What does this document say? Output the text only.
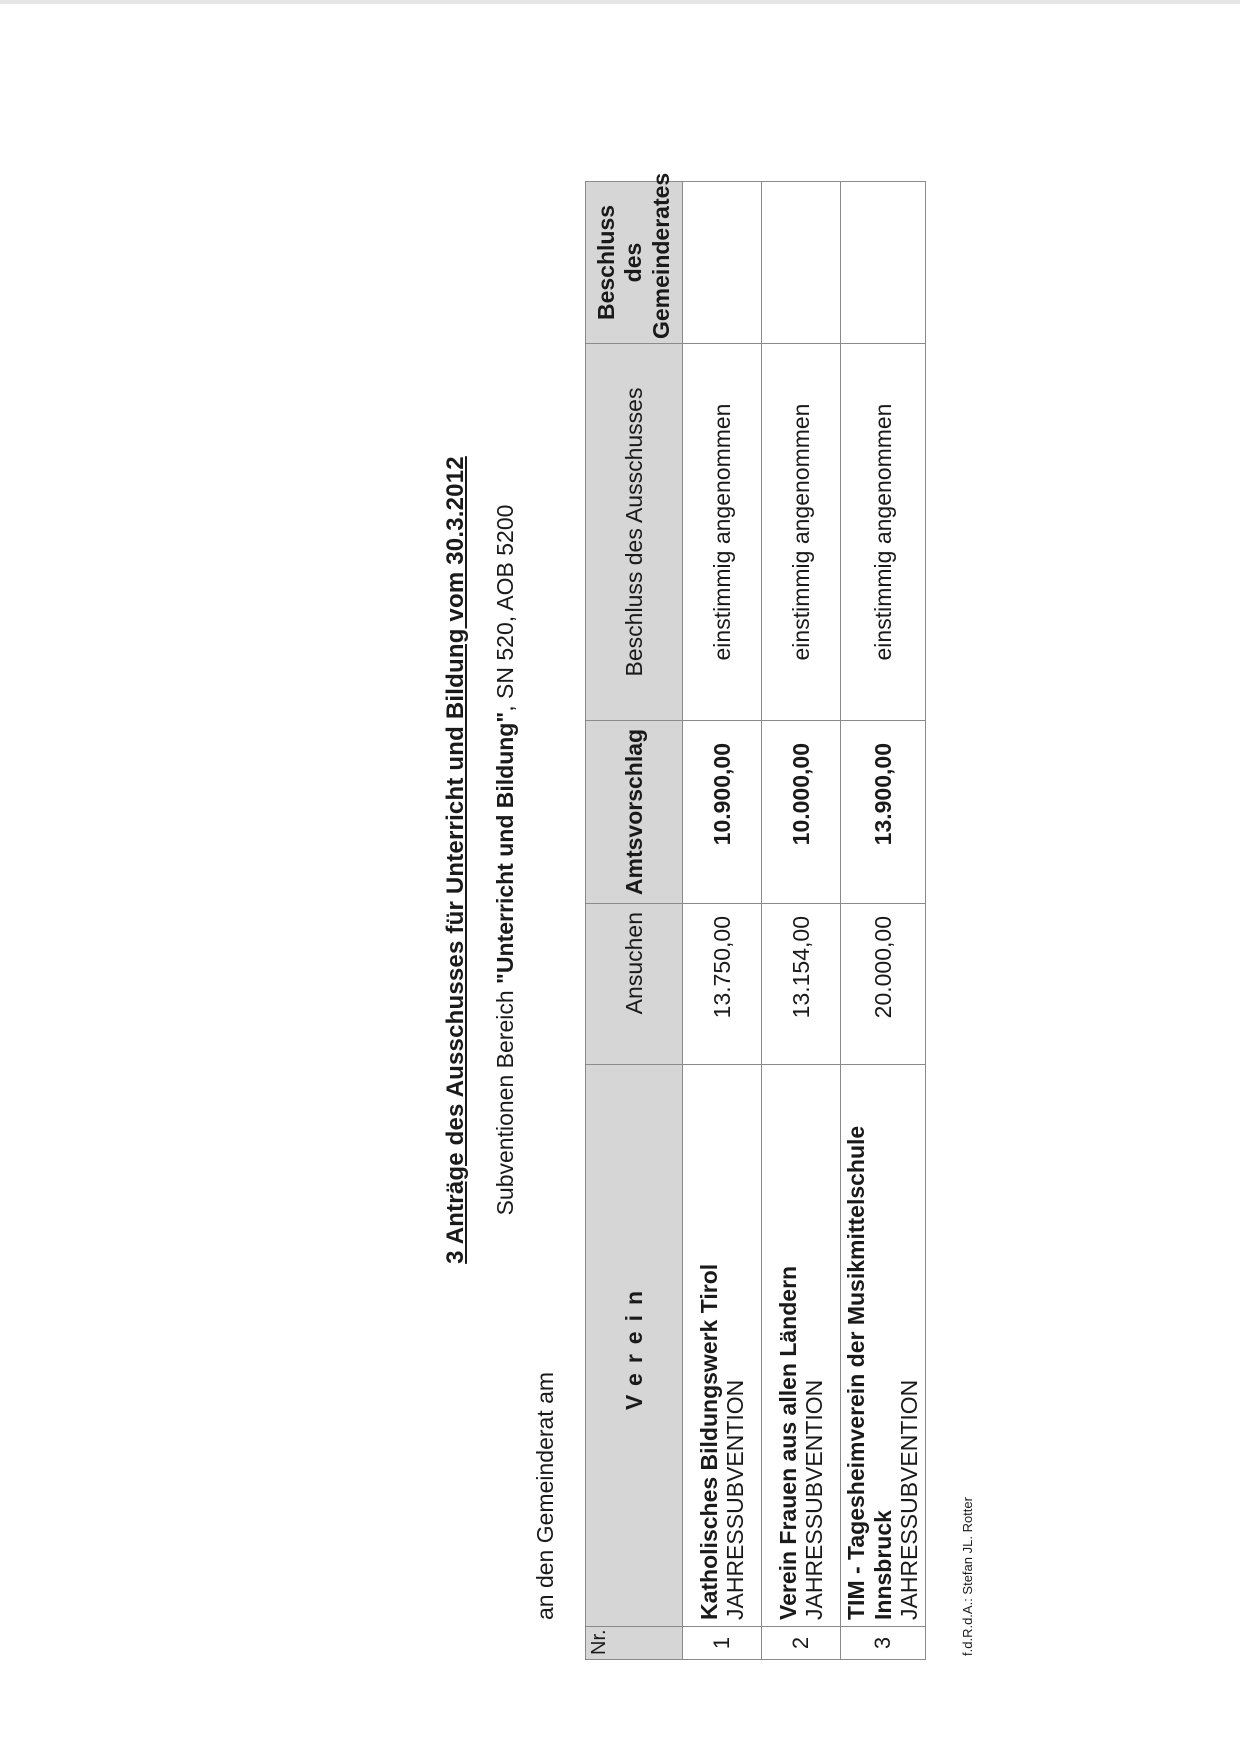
3 Anträge des Ausschusses für Unterricht und Bildung vom 30.3.2012 Subventionen Bereich "Unterricht und Bildung", SN 520, AOB 5200
an den Gemeinderat am
Nr.	Verein	Ansuchen	Amtsvorschlag	Beschluss des Ausschusses	Beschluss des
Gemeinderates
1	Katholisches Bildungswerk Tirol JAHRESSUBVENTION	13.750,00	10.900,00	einstimmig angenommen	
2	Verein Frauen aus allen Ländern JAHRESSUBVENTION	13.154,00	10.000,00	einstimmig angenommen	
3	TIM - Tagesheimverein der Musikmittelschule Innsbruck JAHRESSUBVENTION	20.000,00	13.900,00	einstimmig angenommen	
f.d.R.d.A.: Stefan JL. Rotter
